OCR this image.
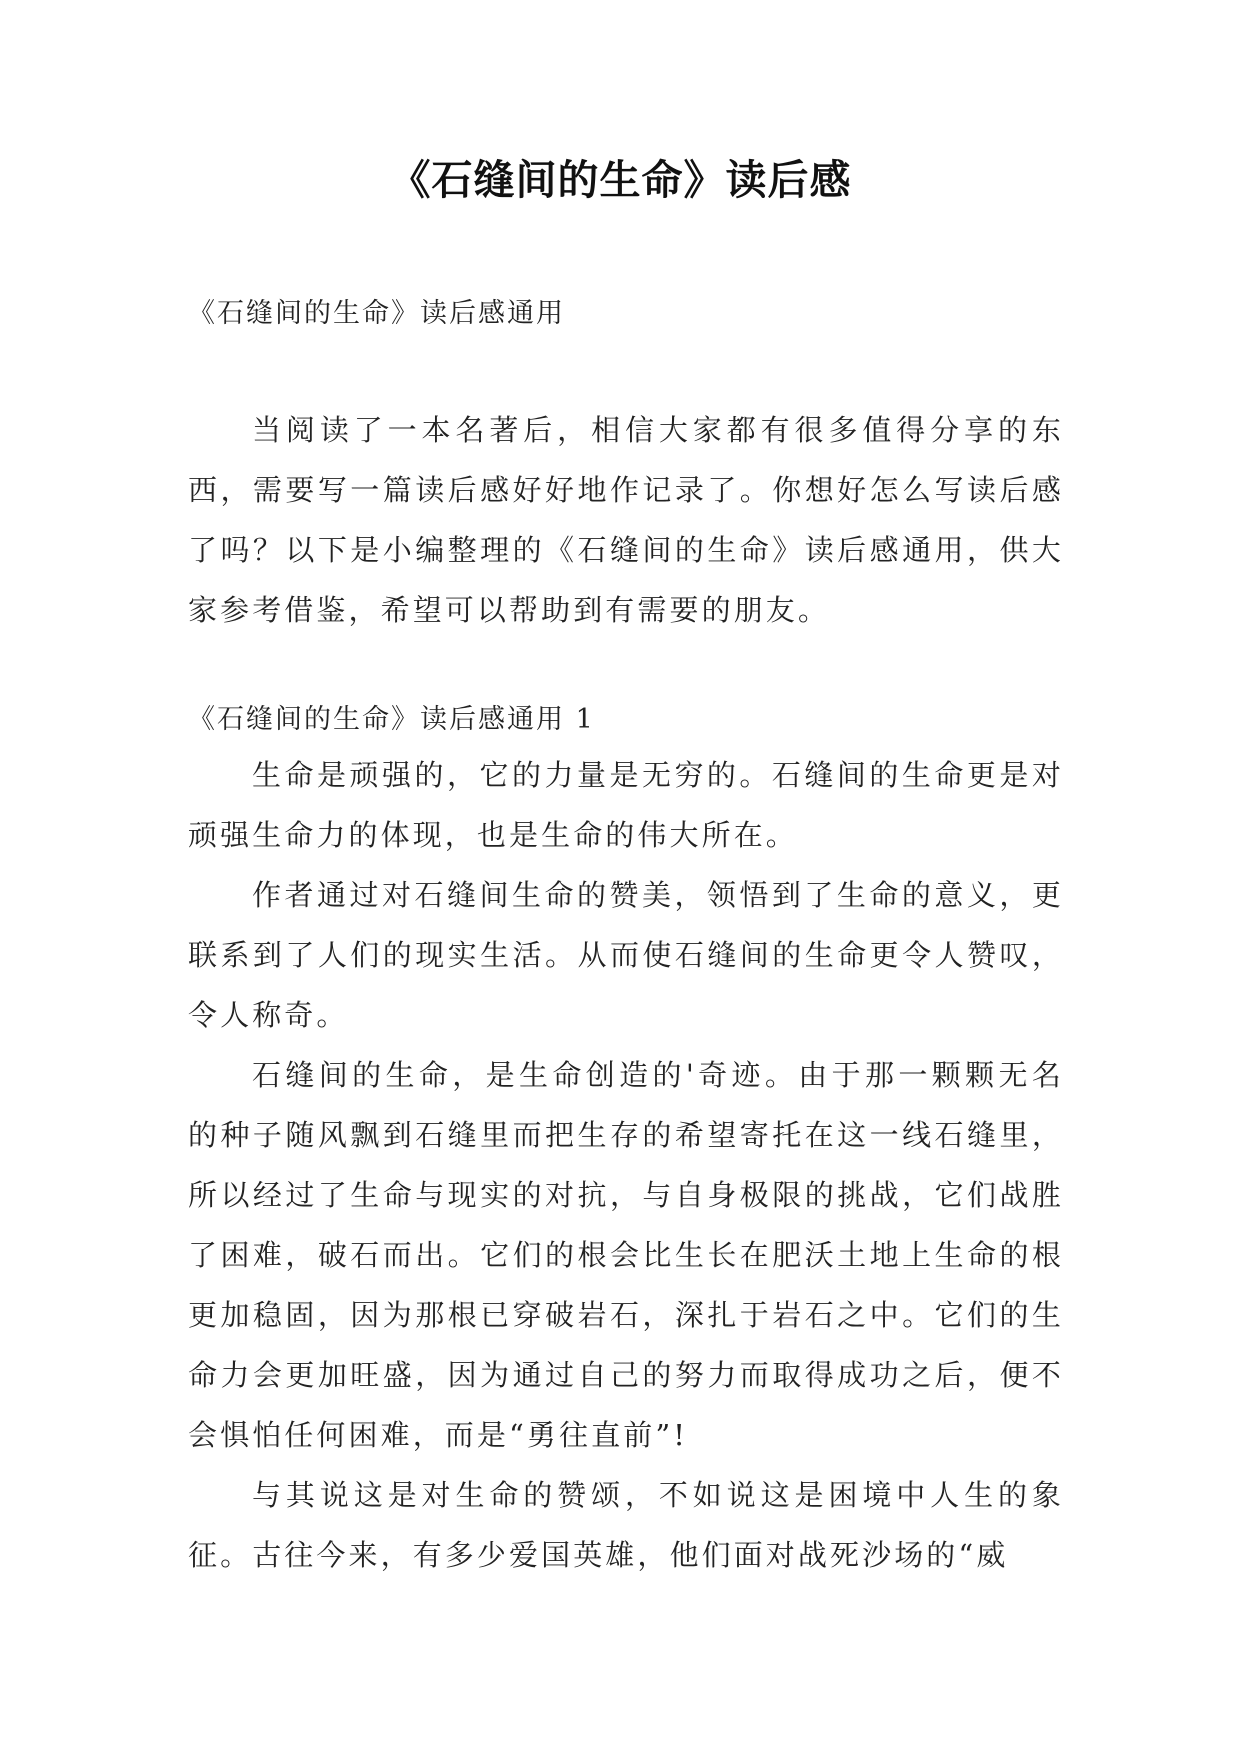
《石缝间的生命》读后感
《石缝间的生命》读后感通用

当阅读了一本名著后，相信大家都有很多值得分享的东西，需要写一篇读后感好好地作记录了。你想好怎么写读后感了吗？以下是小编整理的《石缝间的生命》读后感通用，供大家参考借鉴，希望可以帮助到有需要的朋友。

《石缝间的生命》读后感通用 1

生命是顽强的，它的力量是无穷的。石缝间的生命更是对顽强生命力的体现，也是生命的伟大所在。

作者通过对石缝间生命的赞美，领悟到了生命的意义，更联系到了人们的现实生活。从而使石缝间的生命更令人赞叹，令人称奇。

石缝间的生命，是生命创造的'奇迹。由于那一颗颗无名的种子随风飘到石缝里而把生存的希望寄托在这一线石缝里，所以经过了生命与现实的对抗，与自身极限的挑战，它们战胜了困难，破石而出。它们的根会比生长在肥沃土地上生命的根更加稳固，因为那根已穿破岩石，深扎于岩石之中。它们的生命力会更加旺盛，因为通过自己的努力而取得成功之后，便不会惧怕任何困难，而是“勇往直前”!

与其说这是对生命的赞颂，不如说这是困境中人生的象征。古往今来，有多少爱国英雄，他们面对战死沙场的“威
